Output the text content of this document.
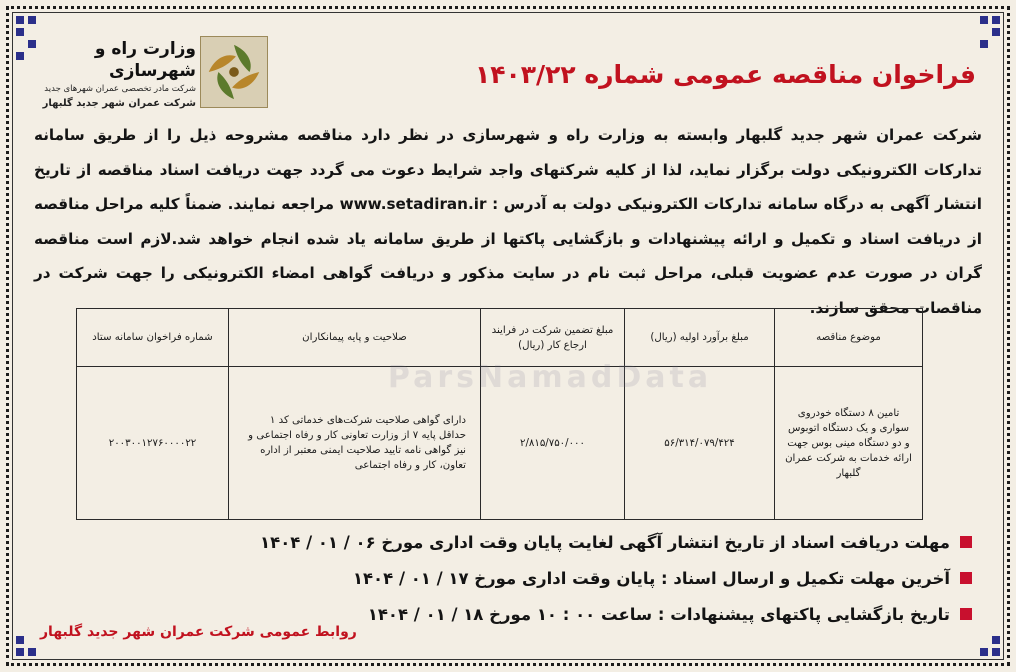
وزارت راه و شهرسازی
شرکت مادر تخصصی عمران شهرهای جدید
شرکت عمران شهر جدید گلبهار
فراخوان مناقصه عمومی شماره ۱۴۰۳/۲۲
شرکت عمران شهر جدید گلبهار وابسته به وزارت راه و شهرسازی در نظر دارد مناقصه مشروحه ذیل را از طریق سامانه تدارکات الکترونیکی دولت برگزار نماید، لذا از کلیه شرکتهای واجد شرایط دعوت می گردد جهت دریافت اسناد مناقصه از تاریخ انتشار آگهی به درگاه سامانه تدارکات الکترونیکی دولت به آدرس : www.setadiran.ir مراجعه نمایند. ضمناً کلیه مراحل مناقصه از دریافت اسناد و تکمیل و ارائه پیشنهادات و بازگشایی پاکتها از طریق سامانه یاد شده انجام خواهد شد.لازم است مناقصه گران در صورت عدم عضویت قبلی، مراحل ثبت نام در سایت مذکور و دریافت گواهی امضاء الکترونیکی را جهت شرکت در مناقصات محقق سازند.
موضوع مناقصه	مبلغ برآورد اولیه (ریال)	مبلغ تضمین شرکت در فرایند ارجاع کار (ریال)	صلاحیت و پایه پیمانکاران	شماره فراخوان سامانه ستاد
تامین ۸ دستگاه خودروی سواری و یک دستگاه اتوبوس و دو دستگاه مینی بوس جهت ارائه خدمات به شرکت عمران گلبهار	۵۶/۳۱۴/۰۷۹/۴۲۴	۲/۸۱۵/۷۵۰/۰۰۰	دارای گواهی صلاحیت شرکت‌های خدماتی کد ۱ حداقل پایه ۷ از وزارت تعاونی کار و رفاه اجتماعی و نیز گواهی نامه تایید صلاحیت ایمنی معتبر از اداره تعاون، کار و رفاه اجتماعی	۲۰۰۳۰۰۱۲۷۶۰۰۰۰۲۲
ParsNamadData
مهلت دریافت اسناد از تاریخ انتشار آگهی لغایت پایان وقت اداری مورخ ۰۶ / ۰۱ / ۱۴۰۴
آخرین مهلت تکمیل و ارسال اسناد : پایان وقت اداری مورخ ۱۷ / ۰۱ / ۱۴۰۴
تاریخ بازگشایی پاکتهای پیشنهادات : ساعت ۰۰ : ۱۰ مورخ ۱۸ / ۰۱ / ۱۴۰۴
روابط عمومی شرکت عمران شهر جدید گلبهار
